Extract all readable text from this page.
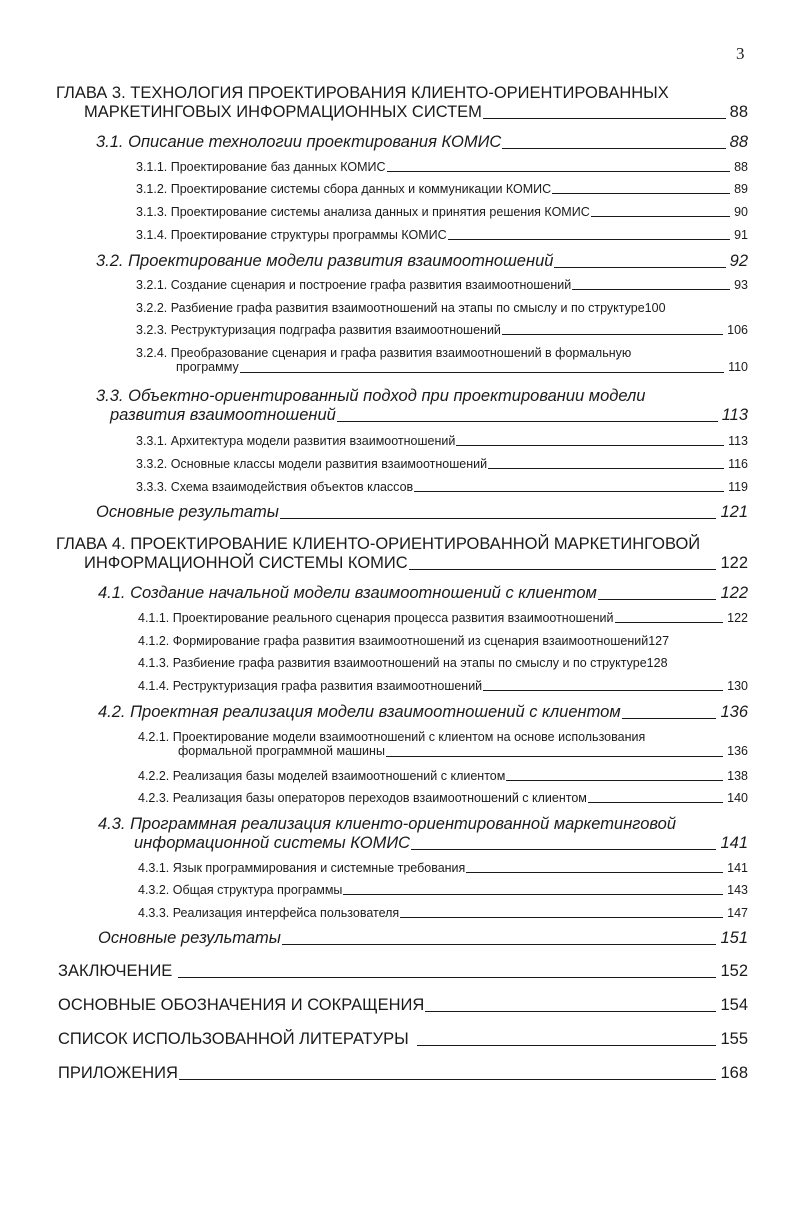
3
ГЛАВА 3. ТЕХНОЛОГИЯ ПРОЕКТИРОВАНИЯ КЛИЕНТО-ОРИЕНТИРОВАННЫХ
МАРКЕТИНГОВЫХ ИНФОРМАЦИОННЫХ СИСТЕМ	88
3.1. Описание технологии проектирования КОМИС	88
3.1.1. Проектирование баз данных КОМИС	88
3.1.2. Проектирование системы сбора данных и коммуникации КОМИС	89
3.1.3. Проектирование системы анализа данных и принятия решения КОМИС	90
3.1.4. Проектирование структуры программы КОМИС	91
3.2. Проектирование модели развития взаимоотношений	92
3.2.1. Создание сценария и построение графа развития взаимоотношений	93
3.2.2. Разбиение графа развития взаимоотношений на этапы по смыслу и по структуре 100
3.2.3. Реструктуризация подграфа развития взаимоотношений	106
3.2.4. Преобразование сценария и графа развития взаимоотношений в формальную
программу	110
3.3. Объектно-ориентированный подход при проектировании модели
развития взаимоотношений	113
3.3.1. Архитектура модели развития взаимоотношений	113
3.3.2. Основные классы модели развития взаимоотношений	116
3.3.3. Схема взаимодействия объектов классов	119
Основные результаты	121
ГЛАВА 4. ПРОЕКТИРОВАНИЕ КЛИЕНТО-ОРИЕНТИРОВАННОЙ МАРКЕТИНГОВОЙ
ИНФОРМАЦИОННОЙ СИСТЕМЫ КОМИС	122
4.1. Создание начальной модели взаимоотношений с клиентом	122
4.1.1. Проектирование реального сценария процесса развития взаимоотношений	122
4.1.2. Формирование графа развития взаимоотношений из сценария взаимоотношений 127
4.1.3. Разбиение графа развития взаимоотношений на этапы по смыслу и по структуре 128
4.1.4. Реструктуризация графа развития взаимоотношений	130
4.2. Проектная реализация модели взаимоотношений с клиентом	136
4.2.1. Проектирование модели взаимоотношений с клиентом на основе использования
формальной программной машины	136
4.2.2. Реализация базы моделей взаимоотношений с клиентом	138
4.2.3. Реализация базы операторов переходов взаимоотношений с клиентом	140
4.3. Программная реализация клиенто-ориентированной маркетинговой
информационной системы КОМИС	141
4.3.1. Язык программирования и системные требования	141
4.3.2. Общая структура программы	143
4.3.3. Реализация интерфейса пользователя	147
Основные результаты	151
ЗАКЛЮЧЕНИЕ	152
ОСНОВНЫЕ ОБОЗНАЧЕНИЯ И СОКРАЩЕНИЯ	154
СПИСОК ИСПОЛЬЗОВАННОЙ ЛИТЕРАТУРЫ	155
ПРИЛОЖЕНИЯ	168
